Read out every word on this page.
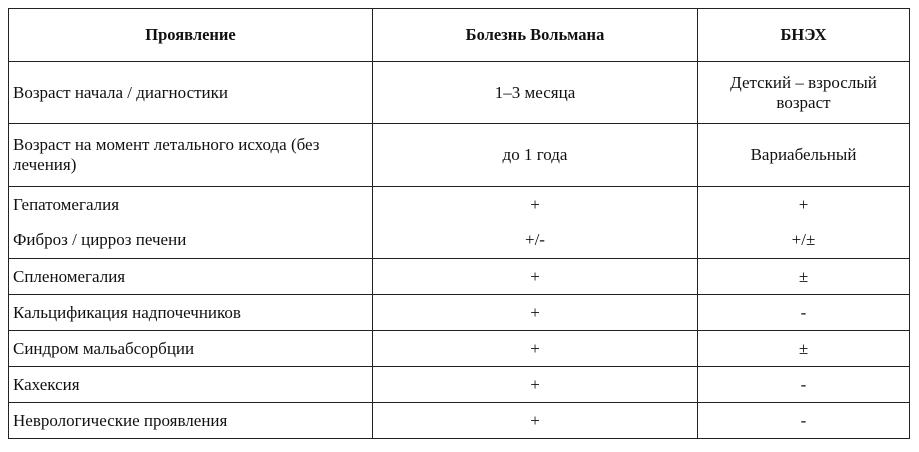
Проявление	Болезнь Вольмана	БНЭХ
Возраст начала / диагностики	1–3 месяца	Детский – взрослый возраст
Возраст на момент летального исхода (без лечения)	до 1 года	Вариабельный
Гепатомегалия	+	+
Фиброз / цирроз печени	+/-	+/±
Спленомегалия	+	±
Кальцификация надпочечников	+	-
Синдром мальабсорбции	+	±
Кахексия	+	-
Неврологические проявления	+	-
